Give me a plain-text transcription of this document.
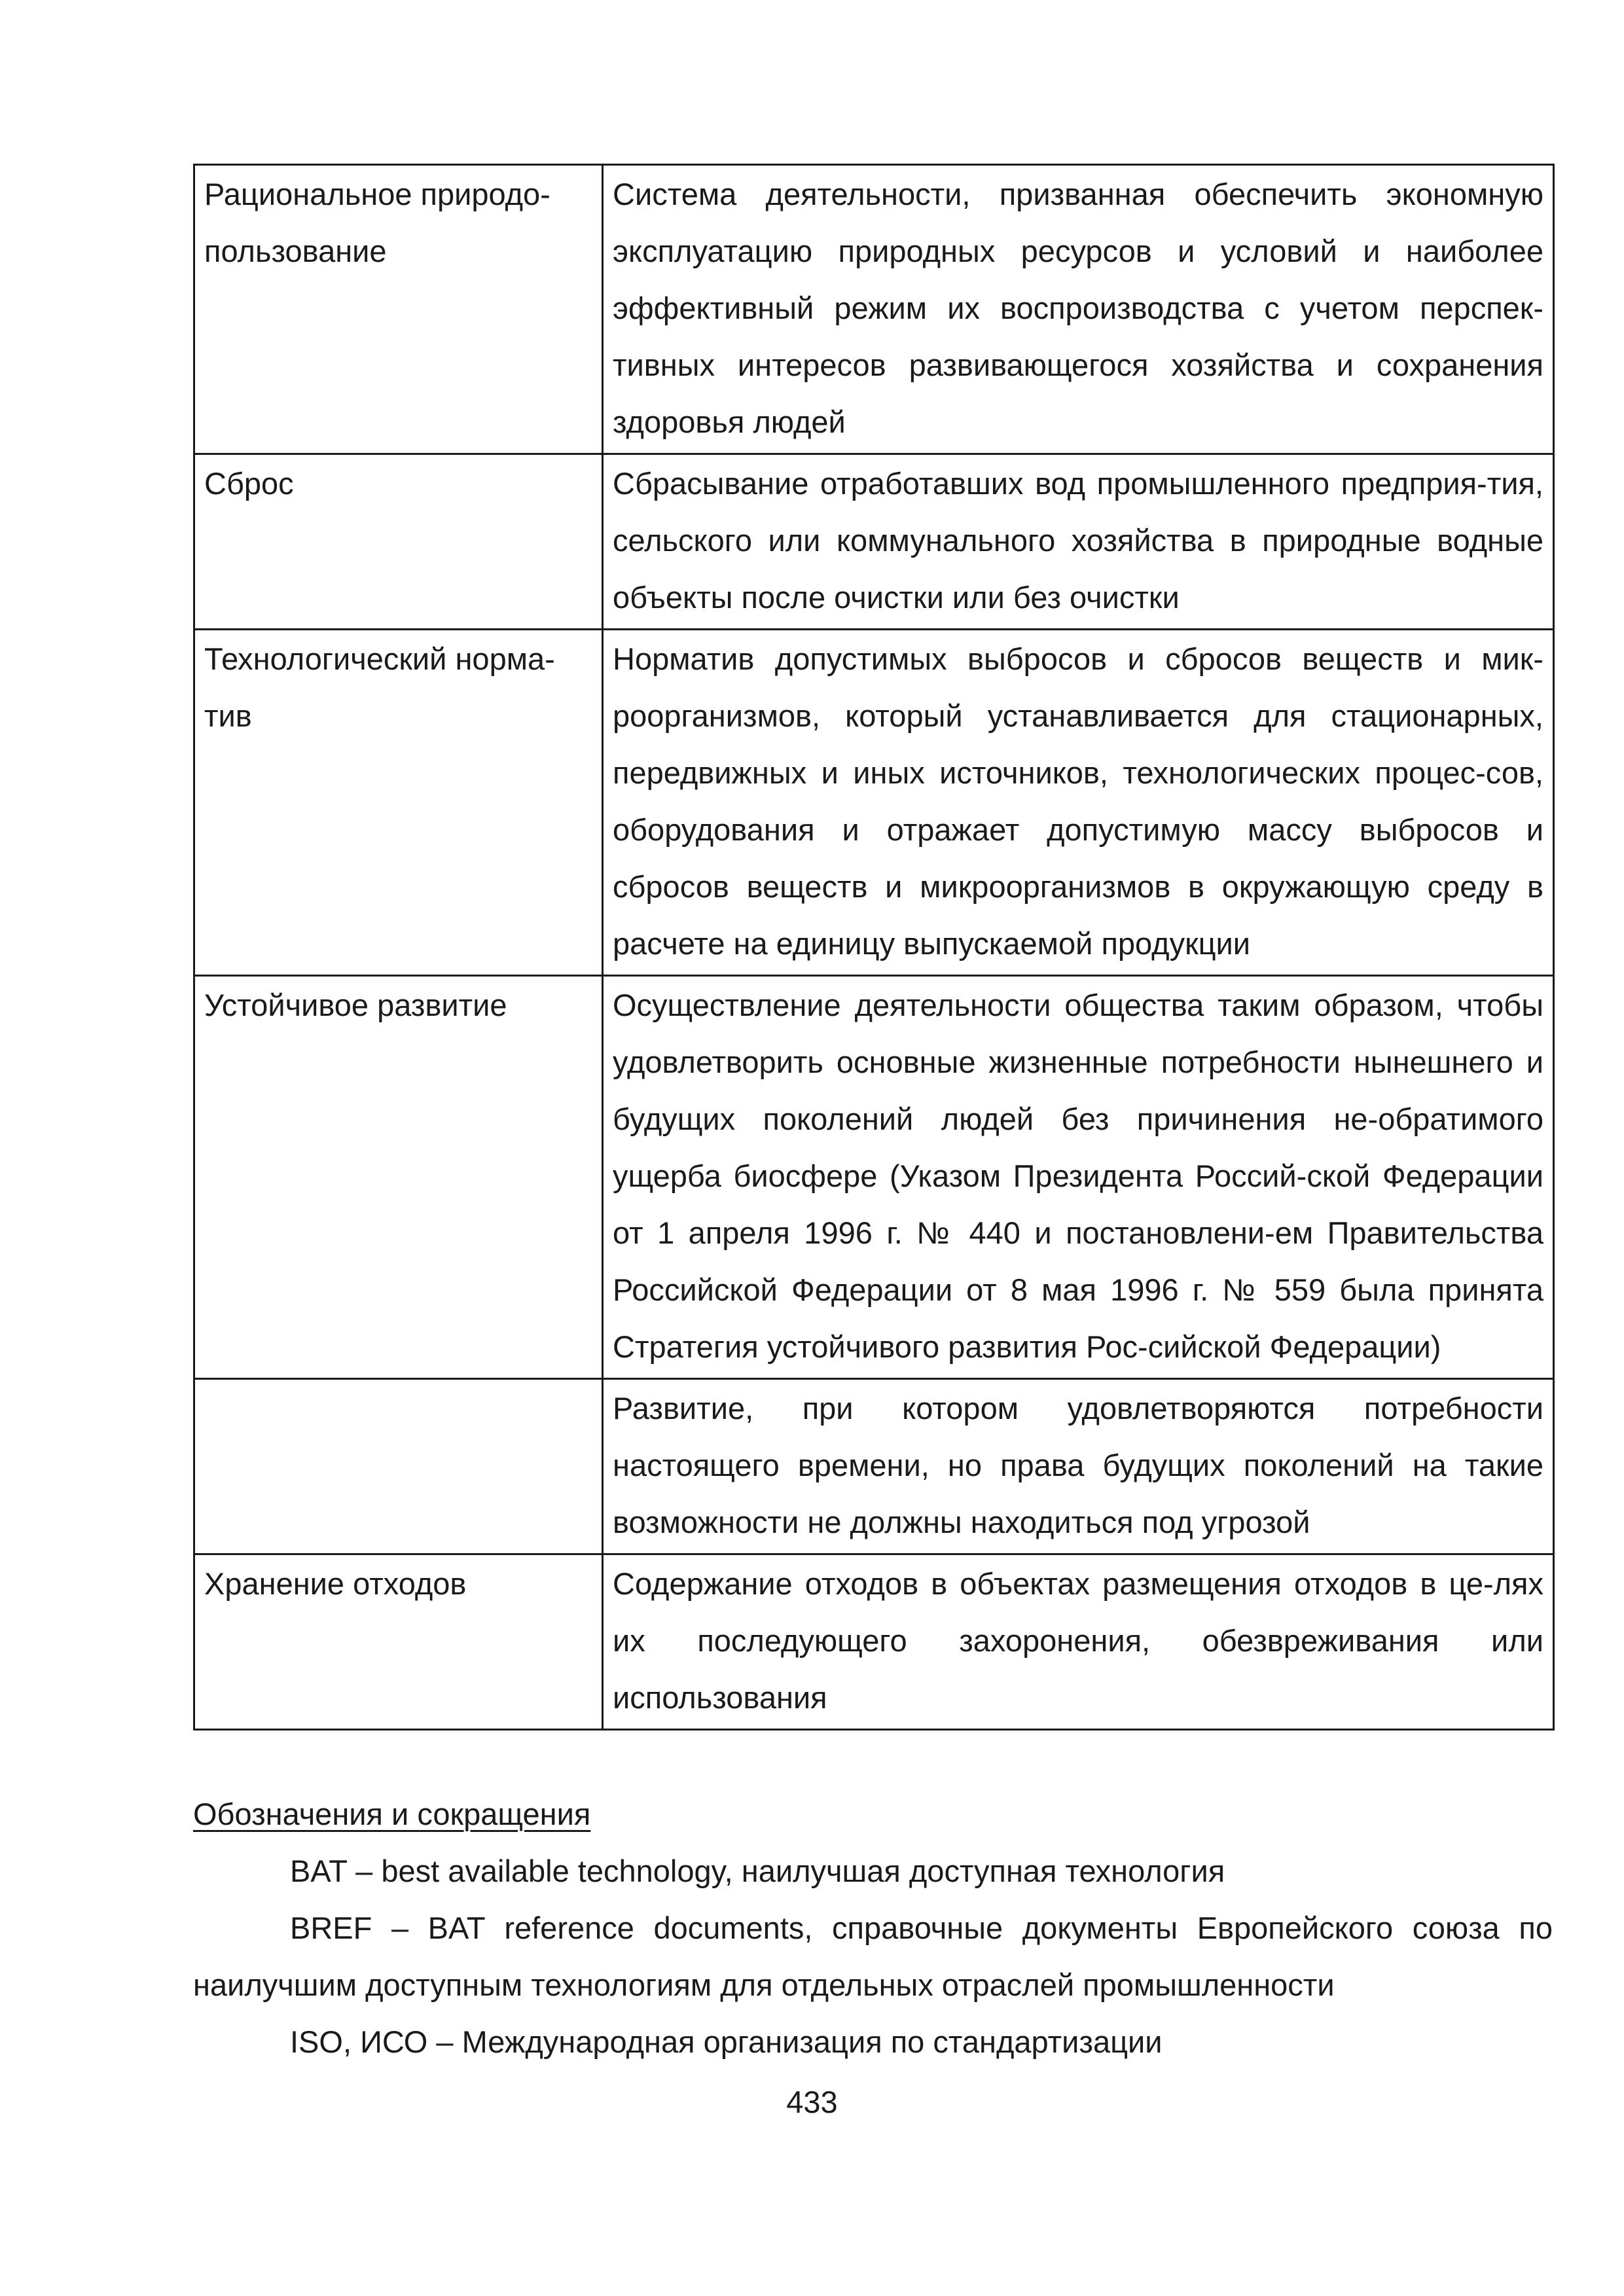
Рациональное природо-пользование	Система деятельности, призванная обеспечить экономную эксплуатацию природных ресурсов и условий и наиболее эффективный режим их воспроизводства с учетом перспек-тивных интересов развивающегося хозяйства и сохранения здоровья людей
Сброс	Сбрасывание отработавших вод промышленного предприя-тия, сельского или коммунального хозяйства в природные водные объекты после очистки или без очистки
Технологический норма-тив	Норматив допустимых выбросов и сбросов веществ и мик-роорганизмов, который устанавливается для стационарных, передвижных и иных источников, технологических процес-сов, оборудования и отражает допустимую массу выбросов и сбросов веществ и микроорганизмов в окружающую среду в расчете на единицу выпускаемой продукции
Устойчивое развитие	Осуществление деятельности общества таким образом, чтобы удовлетворить основные жизненные потребности нынешнего и будущих поколений людей без причинения не-обратимого ущерба биосфере (Указом Президента Россий-ской Федерации от 1 апреля 1996 г. № 440 и постановлени-ем Правительства Российской Федерации от 8 мая 1996 г. № 559 была принята Стратегия устойчивого развития Рос-сийской Федерации)
	Развитие, при котором удовлетворяются потребности настоящего времени, но права будущих поколений на такие возможности не должны находиться под угрозой
Хранение отходов	Содержание отходов в объектах размещения отходов в це-лях их последующего захоронения, обезвреживания или использования
Обозначения и сокращения

BAT – best available technology, наилучшая доступная технология

BREF – BAT reference documents, справочные документы Европейского союза по наилучшим доступным технологиям для отдельных отраслей промышленности

ISO, ИСО – Международная организация по стандартизации

433
